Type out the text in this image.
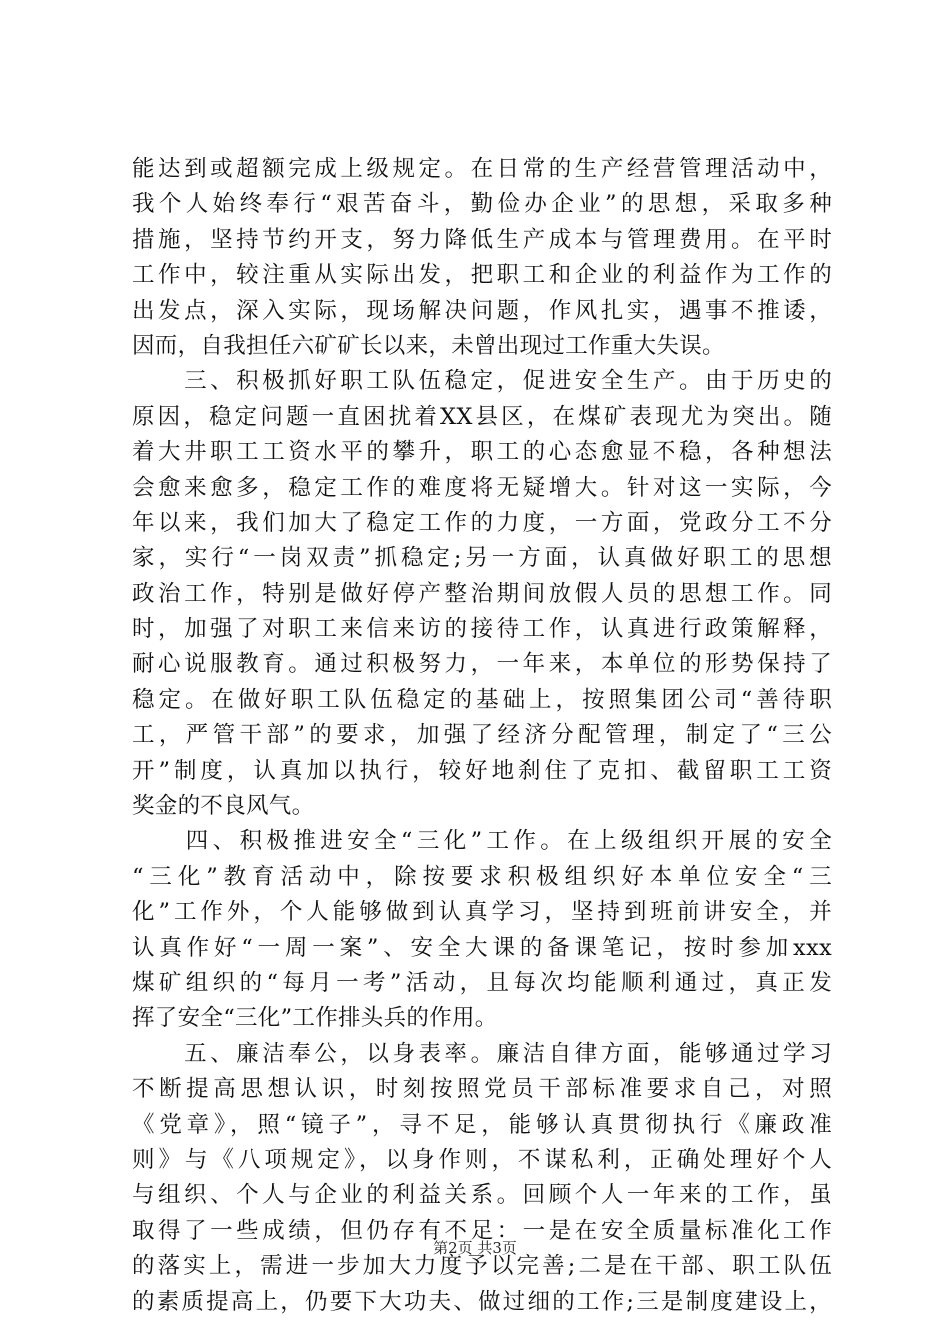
能达到或超额完成上级规定。在日常的生产经营管理活动中，
我个人始终奉行“艰苦奋斗，勤俭办企业”的思想，采取多种
措施，坚持节约开支，努力降低生产成本与管理费用。在平时
工作中，较注重从实际出发，把职工和企业的利益作为工作的
出发点，深入实际，现场解决问题，作风扎实，遇事不推诿，
因而，自我担任六矿矿长以来，未曾出现过工作重大失误。
　　三、积极抓好职工队伍稳定，促进安全生产。由于历史的
原因，稳定问题一直困扰着XX县区，在煤矿表现尤为突出。随
着大井职工工资水平的攀升，职工的心态愈显不稳，各种想法
会愈来愈多，稳定工作的难度将无疑增大。针对这一实际，今
年以来，我们加大了稳定工作的力度，一方面，党政分工不分
家，实行“一岗双责”抓稳定;另一方面，认真做好职工的思想
政治工作，特别是做好停产整治期间放假人员的思想工作。同
时，加强了对职工来信来访的接待工作，认真进行政策解释，
耐心说服教育。通过积极努力，一年来，本单位的形势保持了
稳定。在做好职工队伍稳定的基础上，按照集团公司“善待职
工，严管干部”的要求，加强了经济分配管理，制定了“三公
开”制度，认真加以执行，较好地刹住了克扣、截留职工工资
奖金的不良风气。
　　四、积极推进安全“三化”工作。在上级组织开展的安全
“三化”教育活动中，除按要求积极组织好本单位安全“三
化”工作外，个人能够做到认真学习，坚持到班前讲安全，并
认真作好“一周一案”、安全大课的备课笔记，按时参加xxx
煤矿组织的“每月一考”活动，且每次均能顺利通过，真正发
挥了安全“三化”工作排头兵的作用。
　　五、廉洁奉公，以身表率。廉洁自律方面，能够通过学习
不断提高思想认识，时刻按照党员干部标准要求自己，对照
《党章》，照“镜子”，寻不足，能够认真贯彻执行《廉政准
则》与《八项规定》，以身作则，不谋私利，正确处理好个人
与组织、个人与企业的利益关系。回顾个人一年来的工作，虽
取得了一些成绩，但仍存有不足：一是在安全质量标准化工作
的落实上，需进一步加大力度予以完善;二是在干部、职工队伍
的素质提高上，仍要下大功夫、做过细的工作;三是制度建设上，
第2页 共3页
